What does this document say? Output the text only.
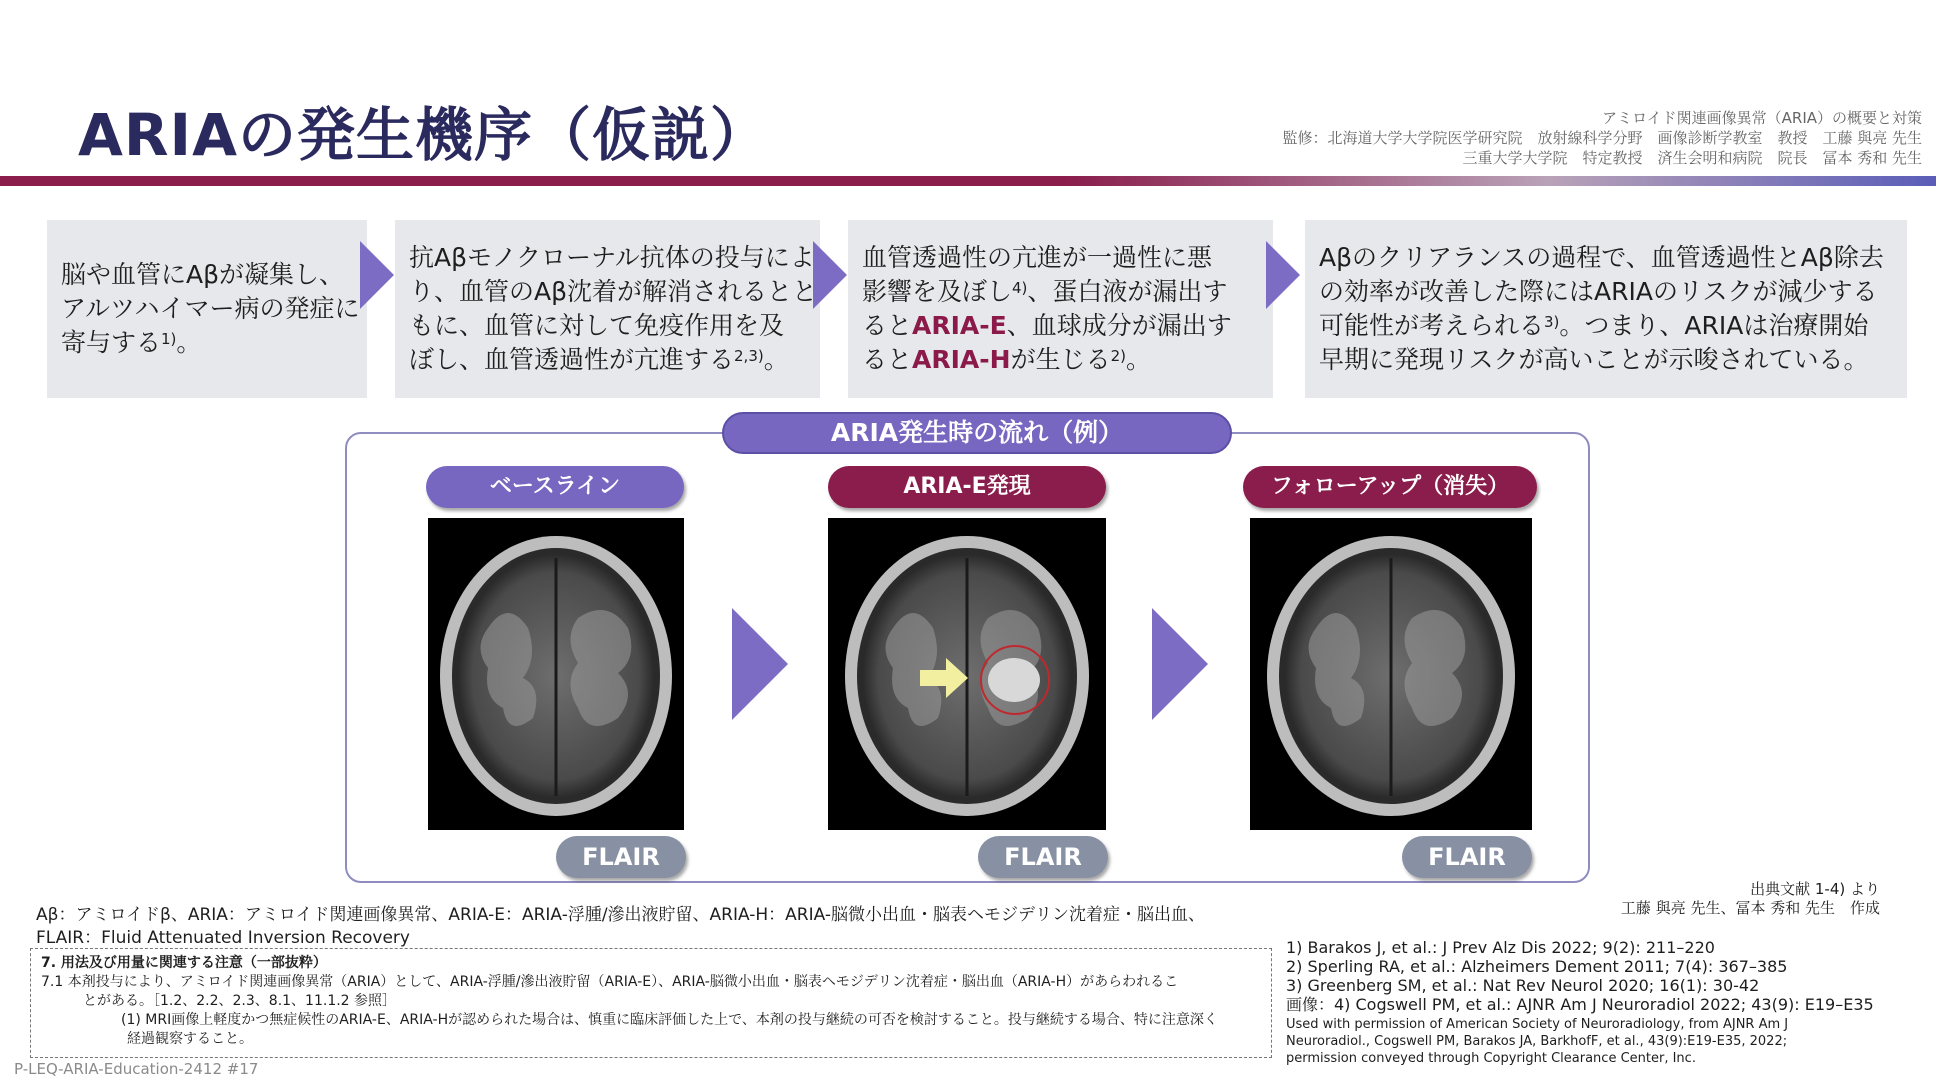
ARIAの発生機序（仮説）	アミロイド関連画像異常（ARIA）の概要と対策
監修：北海道大学大学院医学研究院　放射線科学分野　画像診断学教室　教授　工藤 與亮 先生
三重大学大学院　特定教授　済生会明和病院　院長　冨本 秀和 先生
脳や血管にAβが凝集し、
アルツハイマー病の発症に
寄与する$^{1)}$。
抗Aβモノクローナル抗体の投与によ
り、血管のAβ沈着が解消されるとと
もに、血管に対して免疫作用を及
ぼし、血管透過性が亢進する$^{2,3)}$。
血管透過性の亢進が一過性に悪
影響を及ぼし$^{4)}$、蛋白液が漏出す
るとARIA-E、血球成分が漏出す
るとARIA-Hが生じる$^{2)}$。
Aβのクリアランスの過程で、血管透過性とAβ除去
の効率が改善した際にはARIAのリスクが減少する
可能性が考えられる$^{3)}$。つまり、ARIAは治療開始
早期に発現リスクが高いことが示唆されている。
ARIA発生時の流れ（例）
ベースライン	ARIA-E発現	フォローアップ（消失）
FLAIR	FLAIR	FLAIR
Aβ：アミロイドβ、ARIA：アミロイド関連画像異常、ARIA-E：ARIA-浮腫/滲出液貯留、ARIA-H：ARIA-脳微小出血・脳表ヘモジデリン沈着症・脳出血、
FLAIR：Fluid Attenuated Inversion Recovery
出典文献 1-4) より
工藤 與亮 先生、冨本 秀和 先生　作成
7. 用法及び用量に関連する注意（一部抜粋）
7.1 本剤投与により、アミロイド関連画像異常（ARIA）として、ARIA-浮腫/滲出液貯留（ARIA-E）、ARIA-脳微小出血・脳表ヘモジデリン沈着症・脳出血（ARIA-H）があらわれるこ
とがある。［1.2、2.2、2.3、8.1、11.1.2 参照］
(1) MRI画像上軽度かつ無症候性のARIA-E、ARIA-Hが認められた場合は、慎重に臨床評価した上で、本剤の投与継続の可否を検討すること。投与継続する場合、特に注意深く
経過観察すること。
1) Barakos J, et al.: J Prev Alz Dis 2022; 9(2): 211–220
2) Sperling RA, et al.: Alzheimers Dement 2011; 7(4): 367–385
3) Greenberg SM, et al.: Nat Rev Neurol 2020; 16(1): 30-42
画像：4) Cogswell PM, et al.: AJNR Am J Neuroradiol 2022; 43(9): E19–E35
Used with permission of American Society of Neuroradiology, from AJNR Am J
Neuroradiol., Cogswell PM, Barakos JA, BarkhofF, et al., 43(9):E19-E35, 2022;
permission conveyed through Copyright Clearance Center, Inc.
P-LEQ-ARIA-Education-2412 #17
